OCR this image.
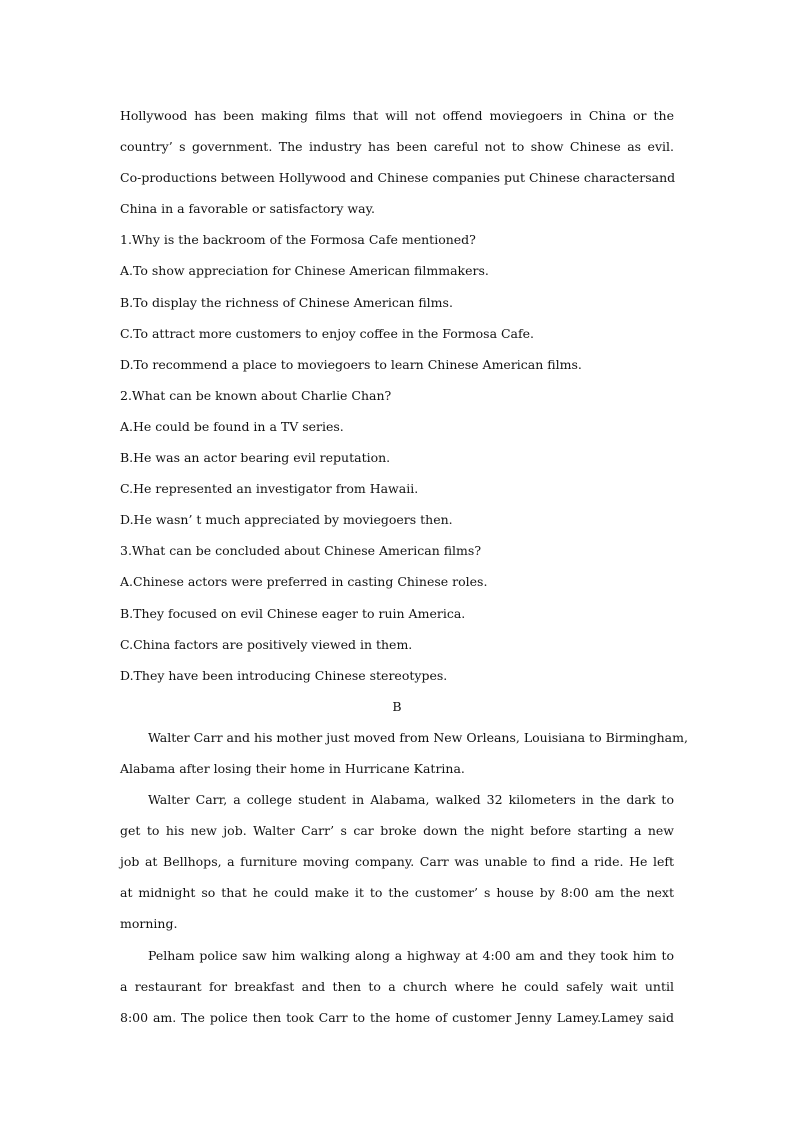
Hollywood has been making films that will not offend moviegoers in China or the
country’ s government. The industry has been careful not to show Chinese as evil.
Co-productions between Hollywood and Chinese companies put Chinese charactersand
China in a favorable or satisfactory way.
1.Why is the backroom of the Formosa Cafe mentioned?
A.To show appreciation for Chinese American filmmakers.
B.To display the richness of Chinese American films.
C.To attract more customers to enjoy coffee in the Formosa Cafe.
D.To recommend a place to moviegoers to learn Chinese American films.
2.What can be known about Charlie Chan?
A.He could be found in a TV series.
B.He was an actor bearing evil reputation.
C.He represented an investigator from Hawaii.
D.He wasn’ t much appreciated by moviegoers then.
3.What can be concluded about Chinese American films?
A.Chinese actors were preferred in casting Chinese roles.
B.They focused on evil Chinese eager to ruin America.
C.China factors are positively viewed in them.
D.They have been introducing Chinese stereotypes.
B
Walter Carr and his mother just moved from New Orleans, Louisiana to Birmingham,
Alabama after losing their home in Hurricane Katrina.
Walter Carr, a college student in Alabama, walked 32 kilometers in the dark to
get to his new job. Walter Carr’ s car broke down the night before starting a new
job at Bellhops, a furniture moving company. Carr was unable to find a ride. He left
at midnight so that he could make it to the customer’ s house by 8:00 am the next
morning.
Pelham police saw him walking along a highway at 4:00 am and they took him to
a restaurant for breakfast and then to a church where he could safely wait until
8:00 am. The police then took Carr to the home of customer Jenny Lamey.Lamey said
